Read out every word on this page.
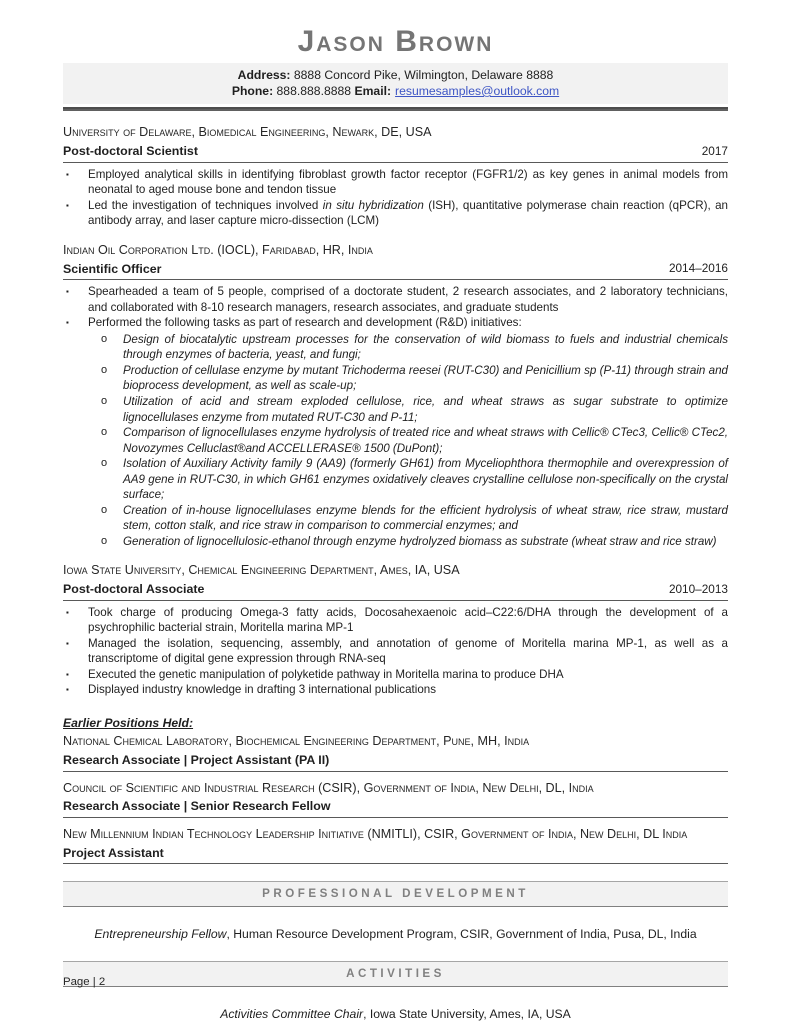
Jason Brown
Address: 8888 Concord Pike, Wilmington, Delaware 8888
Phone: 888.888.8888 Email: resumesamples@outlook.com
University of Delaware, Biomedical Engineering, Newark, DE, USA
Post-doctoral Scientist	2017
▪	Employed analytical skills in identifying fibroblast growth factor receptor (FGFR1/2) as key genes in animal models from neonatal to aged mouse bone and tendon tissue
▪	Led the investigation of techniques involved in situ hybridization (ISH), quantitative polymerase chain reaction (qPCR), an antibody array, and laser capture micro-dissection (LCM)
Indian Oil Corporation Ltd. (IOCL), Faridabad, HR, India
Scientific Officer	2014–2016
▪	Spearheaded a team of 5 people, comprised of a doctorate student, 2 research associates, and 2 laboratory technicians, and collaborated with 8-10 research managers, research associates, and graduate students
▪	Performed the following tasks as part of research and development (R&D) initiatives:
o	Design of biocatalytic upstream processes for the conservation of wild biomass to fuels and industrial chemicals through enzymes of bacteria, yeast, and fungi;
o	Production of cellulase enzyme by mutant Trichoderma reesei (RUT-C30) and Penicillium sp (P-11) through strain and bioprocess development, as well as scale-up;
o	Utilization of acid and stream exploded cellulose, rice, and wheat straws as sugar substrate to optimize lignocellulases enzyme from mutated RUT-C30 and P-11;
o	Comparison of lignocellulases enzyme hydrolysis of treated rice and wheat straws with Cellic® CTec3, Cellic® CTec2, Novozymes Celluclast®and ACCELLERASE® 1500 (DuPont);
o	Isolation of Auxiliary Activity family 9 (AA9) (formerly GH61) from Myceliophthora thermophile and overexpression of AA9 gene in RUT-C30, in which GH61 enzymes oxidatively cleaves crystalline cellulose non-specifically on the crystal surface;
o	Creation of in-house lignocellulases enzyme blends for the efficient hydrolysis of wheat straw, rice straw, mustard stem, cotton stalk, and rice straw in comparison to commercial enzymes; and
o	Generation of lignocellulosic-ethanol through enzyme hydrolyzed biomass as substrate (wheat straw and rice straw)
Iowa State University, Chemical Engineering Department, Ames, IA, USA
Post-doctoral Associate	2010–2013
▪	Took charge of producing Omega-3 fatty acids, Docosahexaenoic acid–C22:6/DHA through the development of a psychrophilic bacterial strain, Moritella marina MP-1
▪	Managed the isolation, sequencing, assembly, and annotation of genome of Moritella marina MP-1, as well as a transcriptome of digital gene expression through RNA-seq
▪	Executed the genetic manipulation of polyketide pathway in Moritella marina to produce DHA
▪	Displayed industry knowledge in drafting 3 international publications
Earlier Positions Held:
National Chemical Laboratory, Biochemical Engineering Department, Pune, MH, India
Research Associate | Project Assistant (PA II)
Council of Scientific and Industrial Research (CSIR), Government of India, New Delhi, DL, India
Research Associate | Senior Research Fellow
New Millennium Indian Technology Leadership Initiative (NMITLI), CSIR, Government of India, New Delhi, DL India
Project Assistant
PROFESSIONAL DEVELOPMENT
Entrepreneurship Fellow, Human Resource Development Program, CSIR, Government of India, Pusa, DL, India
ACTIVITIES
Activities Committee Chair, Iowa State University, Ames, IA, USA
Page | 2
